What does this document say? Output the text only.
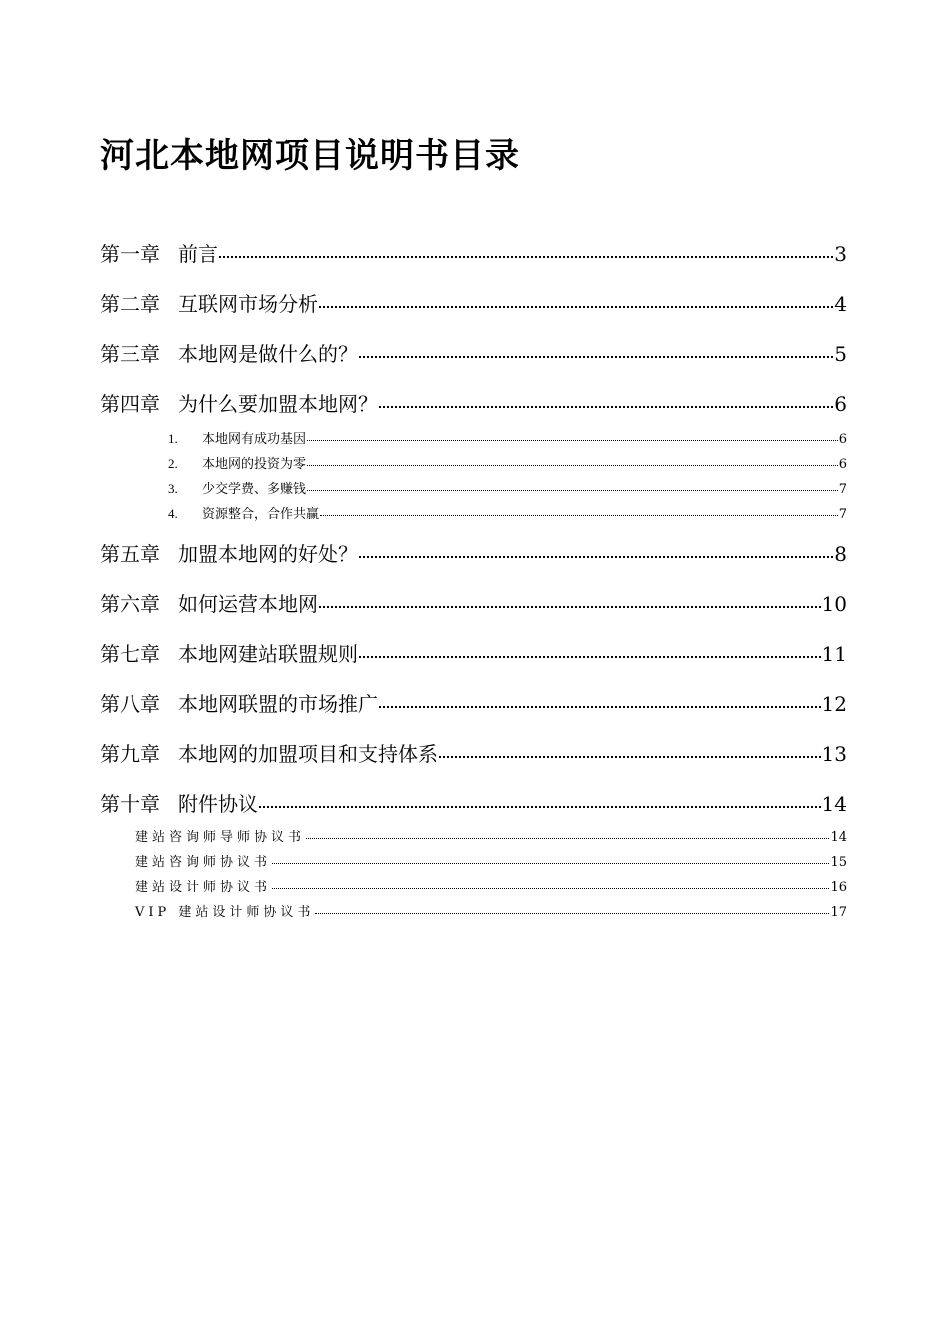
河北本地网项目说明书目录
第一章 前言	3
第二章 互联网市场分析	4
第三章 本地网是做什么的？	5
第四章 为什么要加盟本地网？	6
1.	本地网有成功基因	6
2.	本地网的投资为零	6
3.	少交学费、多赚钱	7
4.	资源整合，合作共赢	7
第五章 加盟本地网的好处？	8
第六章 如何运营本地网	10
第七章 本地网建站联盟规则	11
第八章 本地网联盟的市场推广	12
第九章 本地网的加盟项目和支持体系	13
第十章 附件协议	14
建站咨询师导师协议书	14
建站咨询师协议书	15
建站设计师协议书	16
VIP 建站设计师协议书	17
